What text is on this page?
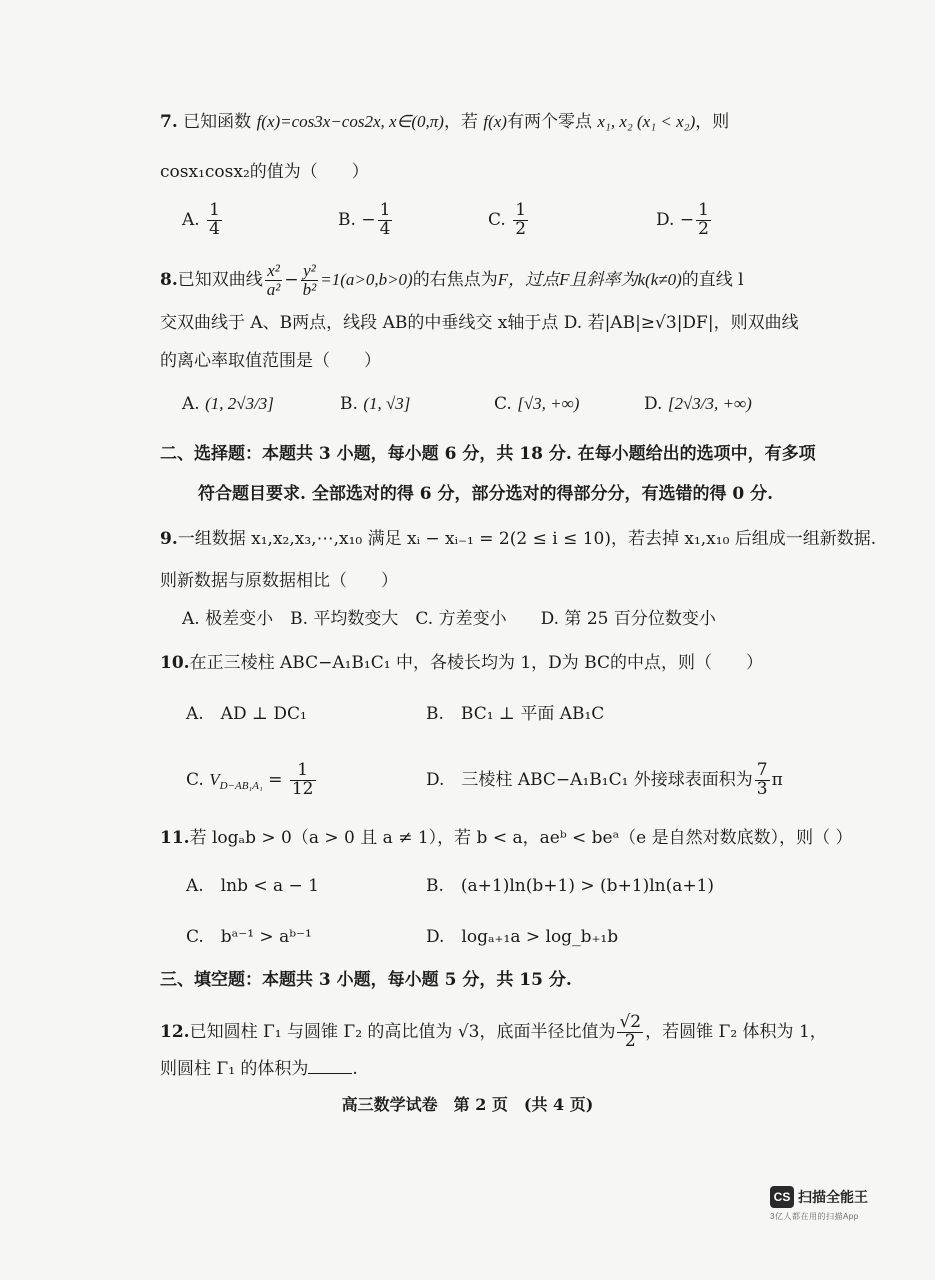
7. 已知函数 f(x)=cos3x−cos2x, x∈(0,π)，若 f(x)有两个零点 x₁, x₂ (x₁ < x₂)，则
cosx₁cosx₂的值为（　　）
A. $\frac{1}{4}$	B. − $\frac{1}{4}$	C. $\frac{1}{2}$	D. − $\frac{1}{2}$
8.已知双曲线 $\frac{\text{x²}}{\text{a²}} - \frac{\text{y²}}{\text{b²}} =1(a>0,b>0)$的右焦点为F，过点F且斜率为k(k≠0)的直线 l
交双曲线于 A、B两点，线段 AB的中垂线交 x轴于点 D. 若|AB|≥√3|DF|，则双曲线
的离心率取值范围是（　　）
A. (1, 2√3/3]	B. (1, √3]	C. [√3, +∞)	D. [2√3/3, +∞)
二、选择题：本题共 3 小题，每小题 6 分，共 18 分. 在每小题给出的选项中，有多项
符合题目要求. 全部选对的得 6 分，部分选对的得部分分，有选错的得 0 分.
9.一组数据 x₁,x₂,x₃,⋯,x₁₀ 满足 xᵢ − xᵢ₋₁ = 2(2 ≤ i ≤ 10)，若去掉 x₁,x₁₀ 后组成一组新数据.
则新数据与原数据相比（　　）
A. 极差变小　B. 平均数变大　C. 方差变小　　D. 第 25 百分位数变小
10.在正三棱柱 ABC−A₁B₁C₁ 中，各棱长均为 1，D为 BC的中点，则（　　）
A.　AD ⊥ DC₁	B.　BC₁ ⊥ 平面 AB₁C
C. $V_{D-AB_1A_1} = \frac{1}{12}$	D.　三棱柱 ABC−A₁B₁C₁ 外接球表面积为 $\frac{7}{3}$ π
11.若 logₐb > 0（a > 0 且 a ≠ 1），若 b < a，aeᵇ < beᵃ（e 是自然对数底数），则（ ）
A.　lnb < a − 1	B.　(a+1)ln(b+1) > (b+1)ln(a+1)
C.　bᵃ⁻¹ > aᵇ⁻¹	D.　logₐ₊₁a > log_b₊₁b
三、填空题：本题共 3 小题，每小题 5 分，共 15 分.
12.已知圆柱 Γ₁ 与圆锥 Γ₂ 的高比值为 √3，底面半径比值为 $\frac{√2}{2}$ ，若圆锥 Γ₂ 体积为 1，
则圆柱 Γ₁ 的体积为	.
高三数学试卷　第 2 页　(共 4 页)
CS 扫描全能王
3亿人都在用的扫描App
